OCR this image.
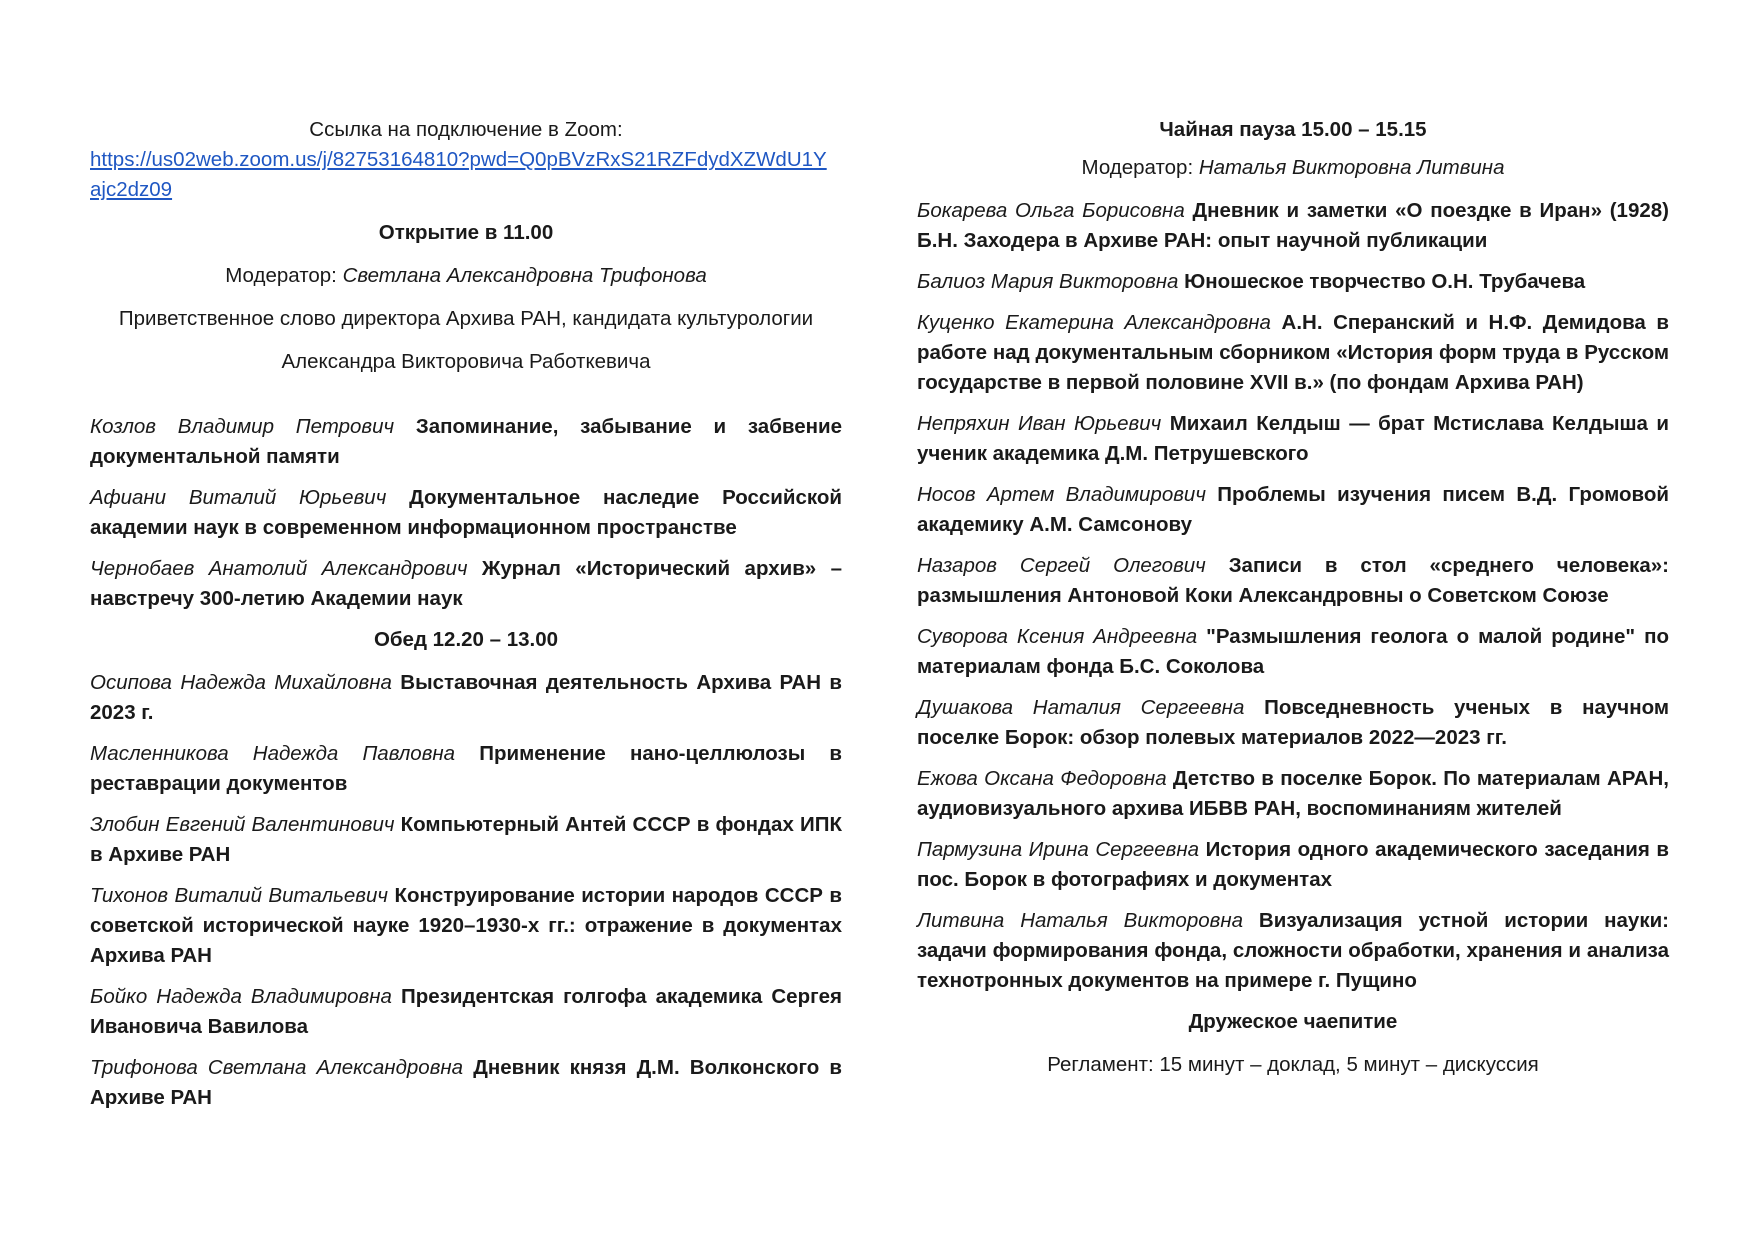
Ссылка на подключение в Zoom:

https://us02web.zoom.us/j/82753164810?pwd=Q0pBVzRxS21RZFdydXZWdU1Y
ajc2dz09

Открытие в 11.00

Модератор: Светлана Александровна Трифонова

Приветственное слово директора Архива РАН, кандидата культурологии

Александра Викторовича Работкевича

Козлов Владимир Петрович Запоминание, забывание и забвение документальной памяти

Афиани Виталий Юрьевич Документальное наследие Российской академии наук в современном информационном пространстве

Чернобаев Анатолий Александрович Журнал «Исторический архив» – навстречу 300-летию Академии наук

Обед 12.20 – 13.00

Осипова Надежда Михайловна Выставочная деятельность Архива РАН в 2023 г.

Масленникова Надежда Павловна Применение нано-целлюлозы в реставрации документов

Злобин Евгений Валентинович Компьютерный Антей СССР в фондах ИПК в Архиве РАН

Тихонов Виталий Витальевич Конструирование истории народов СССР в советской исторической науке 1920–1930-х гг.: отражение в документах Архива РАН

Бойко Надежда Владимировна Президентская голгофа академика Сергея Ивановича Вавилова

Трифонова Светлана Александровна Дневник князя Д.М. Волконского в Архиве РАН

Чайная пауза 15.00 – 15.15

Модератор: Наталья Викторовна Литвина

Бокарева Ольга Борисовна Дневник и заметки «О поездке в Иран» (1928) Б.Н. Заходера в Архиве РАН: опыт научной публикации

Балиоз Мария Викторовна Юношеское творчество О.Н. Трубачева

Куценко Екатерина Александровна А.Н. Сперанский и Н.Ф. Демидова в работе над документальным сборником «История форм труда в Русском государстве в первой половине XVII в.» (по фондам Архива РАН)

Непряхин Иван Юрьевич Михаил Келдыш — брат Мстислава Келдыша и ученик академика Д.М. Петрушевского

Носов Артем Владимирович Проблемы изучения писем В.Д. Громовой академику А.М. Самсонову

Назаров Сергей Олегович Записи в стол «среднего человека»: размышления Антоновой Коки Александровны о Советском Союзе

Суворова Ксения Андреевна "Размышления геолога о малой родине" по материалам фонда Б.С. Соколова

Душакова Наталия Сергеевна Повседневность ученых в научном поселке Борок: обзор полевых материалов 2022—2023 гг.

Ежова Оксана Федоровна Детство в поселке Борок. По материалам АРАН, аудиовизуального архива ИБВВ РАН, воспоминаниям жителей

Пармузина Ирина Сергеевна История одного академического заседания в пос. Борок в фотографиях и документах

Литвина Наталья Викторовна Визуализация устной истории науки: задачи формирования фонда, сложности обработки, хранения и анализа технотронных документов на примере г. Пущино

Дружеское чаепитие

Регламент: 15 минут – доклад, 5 минут – дискуссия
